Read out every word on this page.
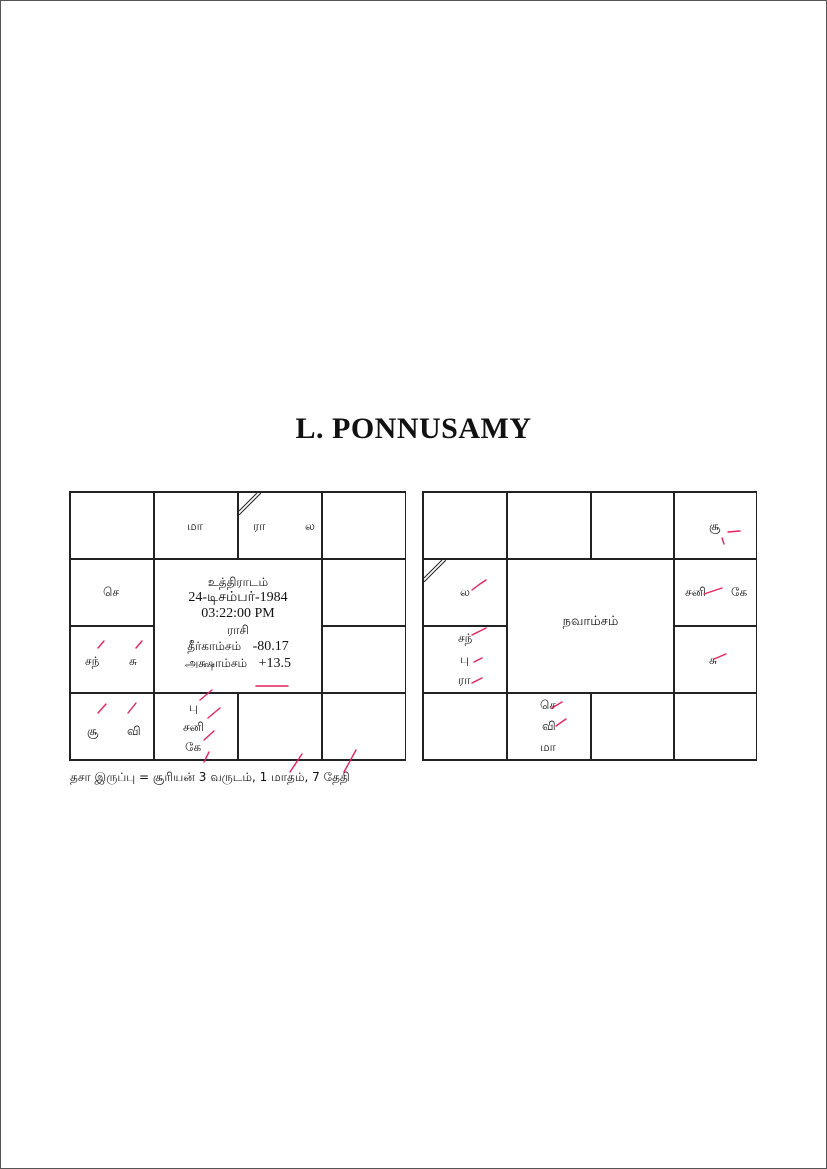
L. PONNUSAMY
மா	ரா	ல
செ
சந் சு
சூ வி
பு
சனி
கே
உத்திராடம்
24-டிசம்பர்-1984
03:22:00 PM
ராசி
தீர்காம்சம் -80.17
அக்ஷாம்சம் +13.5
சூ
ல
சந்
பு
ரா
சனி கே
சு
செ
வி
மா
நவாம்சம்
தசா இருப்பு = சூரியன் 3 வருடம், 1 மாதம், 7 தேதி
